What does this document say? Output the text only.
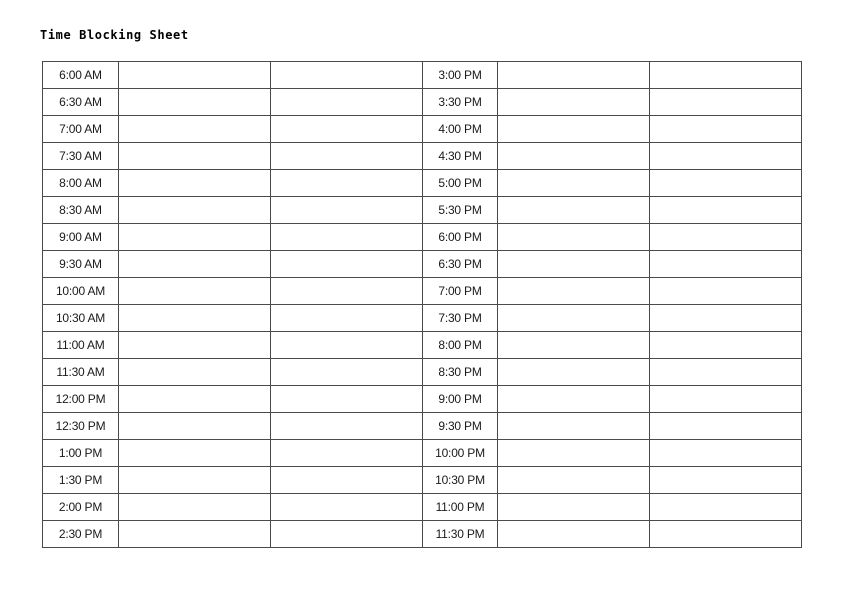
Time Blocking Sheet
6:00 AM			3:00 PM		
6:30 AM			3:30 PM		
7:00 AM			4:00 PM		
7:30 AM			4:30 PM		
8:00 AM			5:00 PM		
8:30 AM			5:30 PM		
9:00 AM			6:00 PM		
9:30 AM			6:30 PM		
10:00 AM			7:00 PM		
10:30 AM			7:30 PM		
11:00 AM			8:00 PM		
11:30 AM			8:30 PM		
12:00 PM			9:00 PM		
12:30 PM			9:30 PM		
1:00 PM			10:00 PM		
1:30 PM			10:30 PM		
2:00 PM			11:00 PM		
2:30 PM			11:30 PM		
